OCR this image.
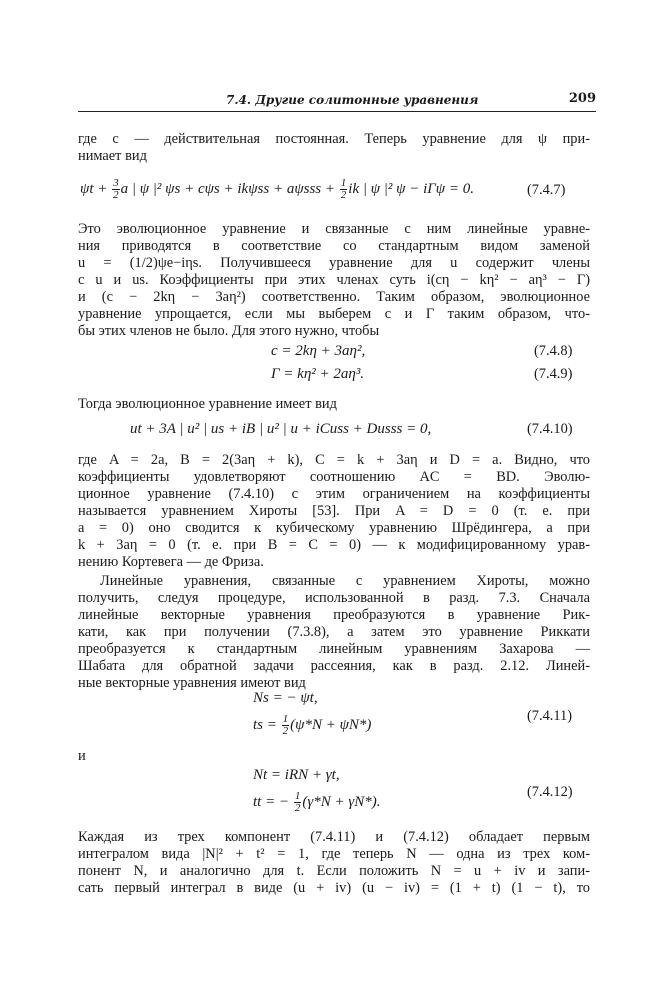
7.4. Другие солитонные уравнения	209
где c — действительная постоянная. Теперь уравнение для ψ при-
нимает вид
$\psi t + \frac{3}{2}$ a | ψ |² $\psi s + c\psi s + ik\psi ss + a\psi sss + \frac{1}{2}$ ik | ψ |² ψ − iΓψ = 0.	(7.4.7)
Это эволюционное уравнение и связанные с ним линейные уравне-
ния приводятся в соответствие со стандартным видом заменой
u = (1/2)ψe−iηs. Получившееся уравнение для u содержит члены
с u и us. Коэффициенты при этих членах суть i(cη − kη² − aη³ − Γ)
и (c − 2kη − 3aη²) соответственно. Таким образом, эволюционное
уравнение упрощается, если мы выберем c и Γ таким образом, что-
бы этих членов не было. Для этого нужно, чтобы
c = 2kη + 3aη²,	(7.4.8)
Γ = kη² + 2aη³.	(7.4.9)
Тогда эволюционное уравнение имеет вид
ut + 3A | u² | us + iB | u² | u + iCuss + Dusss = 0,	(7.4.10)
где A = 2a, B = 2(3aη + k), C = k + 3aη и D = a. Видно, что
коэффициенты удовлетворяют соотношению AC = BD. Эволю-
ционное уравнение (7.4.10) с этим ограничением на коэффициенты
называется уравнением Хироты [53]. При A = D = 0 (т. е. при
a = 0) оно сводится к кубическому уравнению Шрёдингера, а при
k + 3aη = 0 (т. е. при B = C = 0) — к модифицированному урав-
нению Кортевега — де Фриза.
Линейные уравнения, связанные с уравнением Хироты, можно
получить, следуя процедуре, использованной в разд. 7.3. Сначала
линейные векторные уравнения преобразуются в уравнение Рик-
кати, как при получении (7.3.8), а затем это уравнение Риккати
преобразуется к стандартным линейным уравнениям Захарова —
Шабата для обратной задачи рассеяния, как в разд. 2.12. Линей-
ные векторные уравнения имеют вид
Ns = − ψt,
ts = $\frac{1}{2} (\psi*N + \psi N*)$
(7.4.11)
и
Nt = iRN + γt,
tt = − $\frac{1}{2} (\gamma*N + \gamma N*)$.
(7.4.12)
Каждая из трех компонент (7.4.11) и (7.4.12) обладает первым
интегралом вида |N|² + t² = 1, где теперь N — одна из трех ком-
понент N, и аналогично для t. Если положить N = u + iv и запи-
сать первый интеграл в виде (u + iv) (u − iv) = (1 + t) (1 − t), то
